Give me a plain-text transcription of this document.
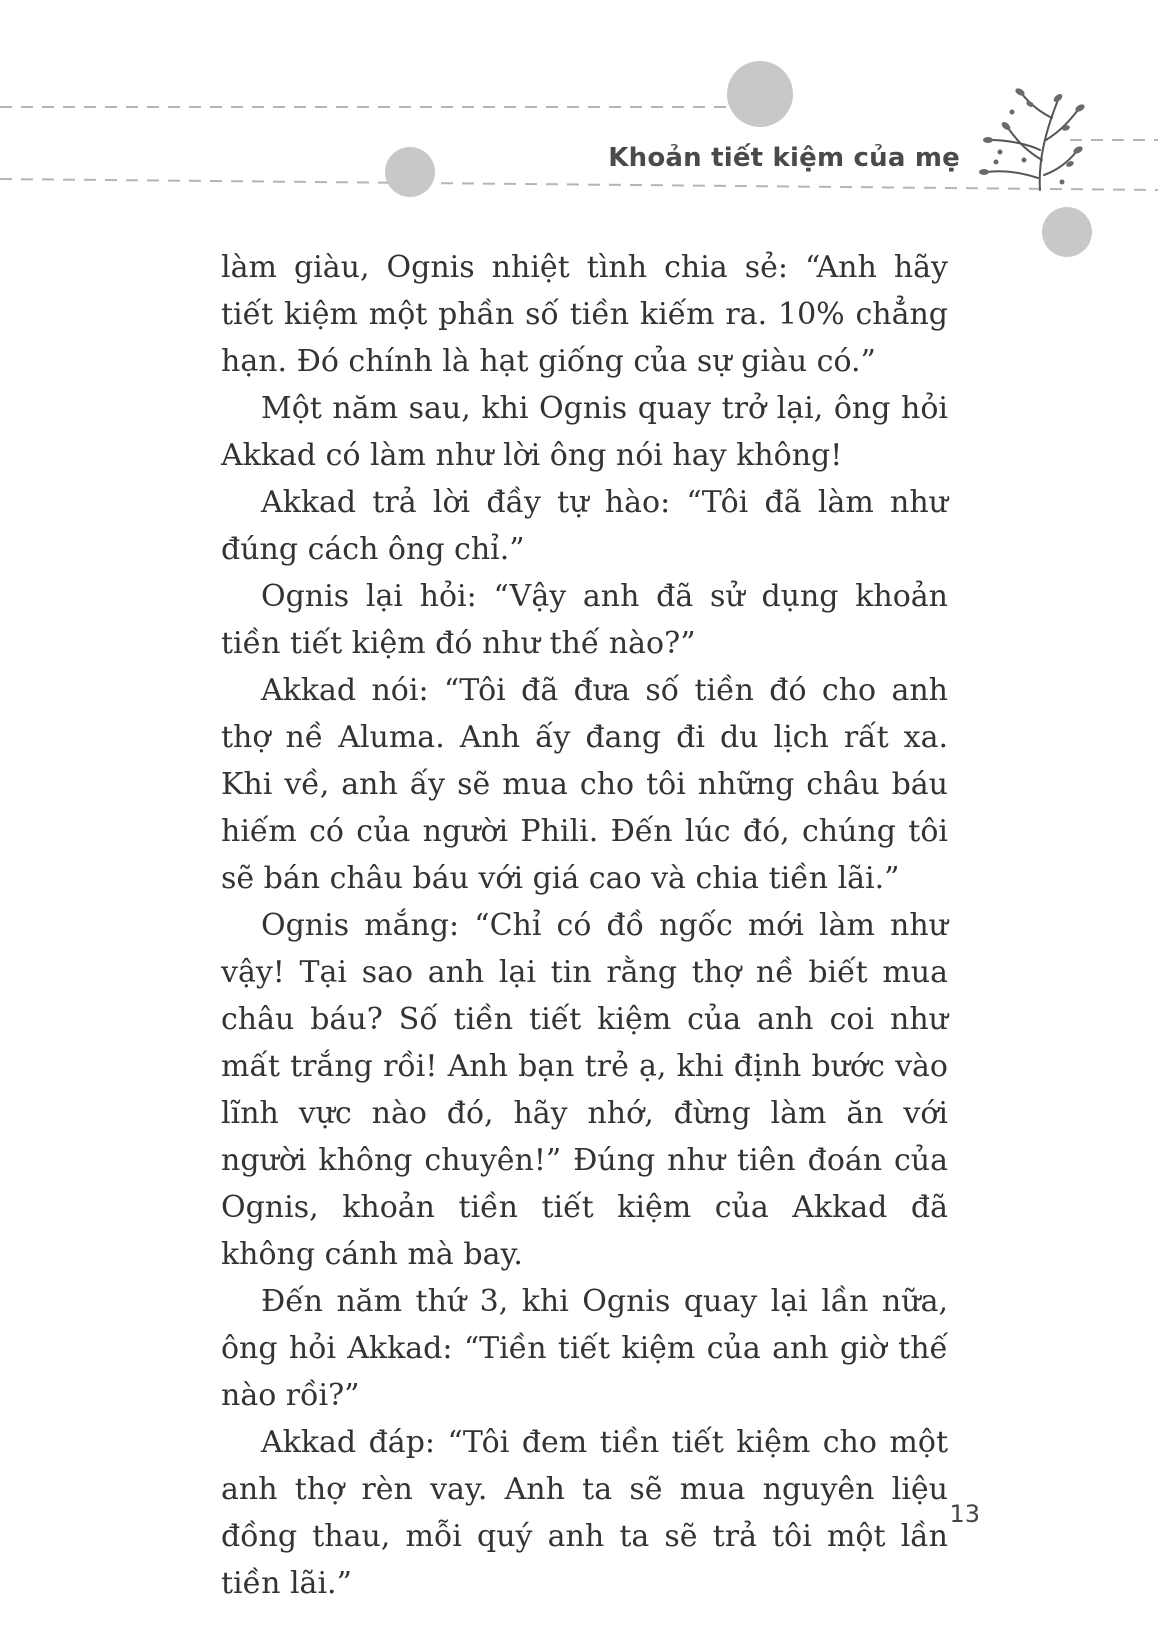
Khoản tiết kiệm của mẹ

làm giàu, Ognis nhiệt tình chia sẻ: “Anh hãy tiết kiệm một phần số tiền kiếm ra. 10% chẳng hạn. Đó chính là hạt giống của sự giàu có.”

Một năm sau, khi Ognis quay trở lại, ông hỏi Akkad có làm như lời ông nói hay không!

Akkad trả lời đầy tự hào: “Tôi đã làm như đúng cách ông chỉ.”

Ognis lại hỏi: “Vậy anh đã sử dụng khoản tiền tiết kiệm đó như thế nào?”

Akkad nói: “Tôi đã đưa số tiền đó cho anh thợ nề Aluma. Anh ấy đang đi du lịch rất xa. Khi về, anh ấy sẽ mua cho tôi những châu báu hiếm có của người Phili. Đến lúc đó, chúng tôi sẽ bán châu báu với giá cao và chia tiền lãi.”

Ognis mắng: “Chỉ có đồ ngốc mới làm như vậy! Tại sao anh lại tin rằng thợ nề biết mua châu báu? Số tiền tiết kiệm của anh coi như mất trắng rồi! Anh bạn trẻ ạ, khi định bước vào lĩnh vực nào đó, hãy nhớ, đừng làm ăn với người không chuyên!” Đúng như tiên đoán của Ognis, khoản tiền tiết kiệm của Akkad đã không cánh mà bay.

Đến năm thứ 3, khi Ognis quay lại lần nữa, ông hỏi Akkad: “Tiền tiết kiệm của anh giờ thế nào rồi?”

Akkad đáp: “Tôi đem tiền tiết kiệm cho một anh thợ rèn vay. Anh ta sẽ mua nguyên liệu đồng thau, mỗi quý anh ta sẽ trả tôi một lần tiền lãi.”

13
